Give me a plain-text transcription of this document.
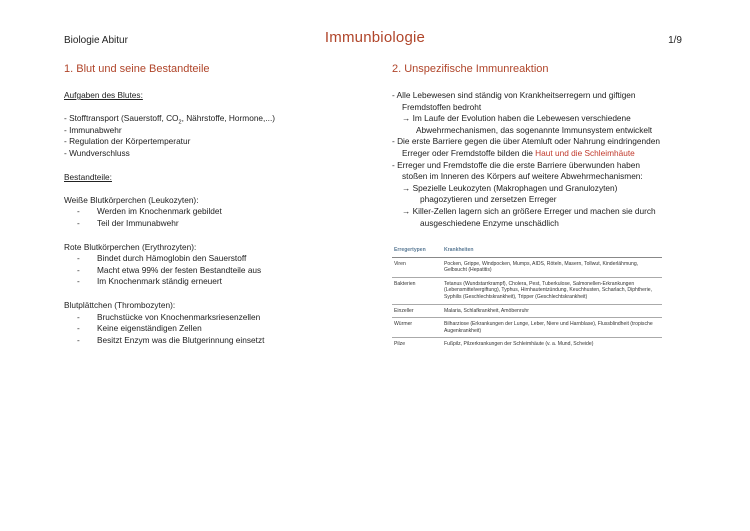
Biologie Abitur	Immunbiologie	1/9
1. Blut und seine Bestandteile
Aufgaben des Blutes:
- Stofftransport (Sauerstoff, $CO_2$, Nährstoffe, Hormone,...)
- Immunabwehr
- Regulation der Körpertemperatur
- Wundverschluss
Bestandteile:
Weiße Blutkörperchen (Leukozyten):
-	Werden im Knochenmark gebildet
-	Teil der Immunabwehr
Rote Blutkörperchen (Erythrozyten):
-	Bindet durch Hämoglobin den Sauerstoff
-	Macht etwa 99% der festen Bestandteile aus
-	Im Knochenmark ständig erneuert
Blutplättchen (Thrombozyten):
-	Bruchstücke von Knochenmarksriesenzellen
-	Keine eigenständigen Zellen
-	Besitzt Enzym was die Blutgerinnung einsetzt
2. Unspezifische Immunreaktion
- Alle Lebewesen sind ständig von Krankheitserregern und giftigen
Fremdstoffen bedroht
→ Im Laufe der Evolution haben die Lebewesen verschiedene
Abwehrmechanismen, das sogenannte Immunsystem entwickelt
- Die erste Barriere gegen die über Atemluft oder Nahrung eindringenden
Erreger oder Fremdstoffe bilden die Haut und die Schleimhäute
- Erreger und Fremdstoffe die die erste Barriere überwunden haben
stoßen im Inneren des Körpers auf weitere Abwehrmechanismen:
→ Spezielle Leukozyten (Makrophagen und Granulozyten)
phagozytieren und zersetzen Erreger
→ Killer-Zellen lagern sich an größere Erreger und machen sie durch
ausgeschiedene Enzyme unschädlich
Erregertypen	Krankheiten
Viren	Pocken, Grippe, Windpocken, Mumps, AIDS, Röteln, Masern, Tollwut, Kinderlähmung, Gelbsucht (Hepatitis)
Bakterien	Tetanus (Wundstarrkrampf), Cholera, Pest, Tuberkulose, Salmonellen-Erkrankungen (Lebensmittelvergiftung), Typhus, Hirnhautentzündung, Keuchhusten, Scharlach, Diphtherie, Syphilis (Geschlechtskrankheit), Tripper (Geschlechtskrankheit)
Einzeller	Malaria, Schlafkrankheit, Amöbenruhr
Würmer	Bilharziose (Erkrankungen der Lunge, Leber, Niere und Harnblase), Flussblindheit (tropische Augenkrankheit)
Pilze	Fußpilz, Pilzerkrankungen der Schleimhäute (v. a. Mund, Scheide)
